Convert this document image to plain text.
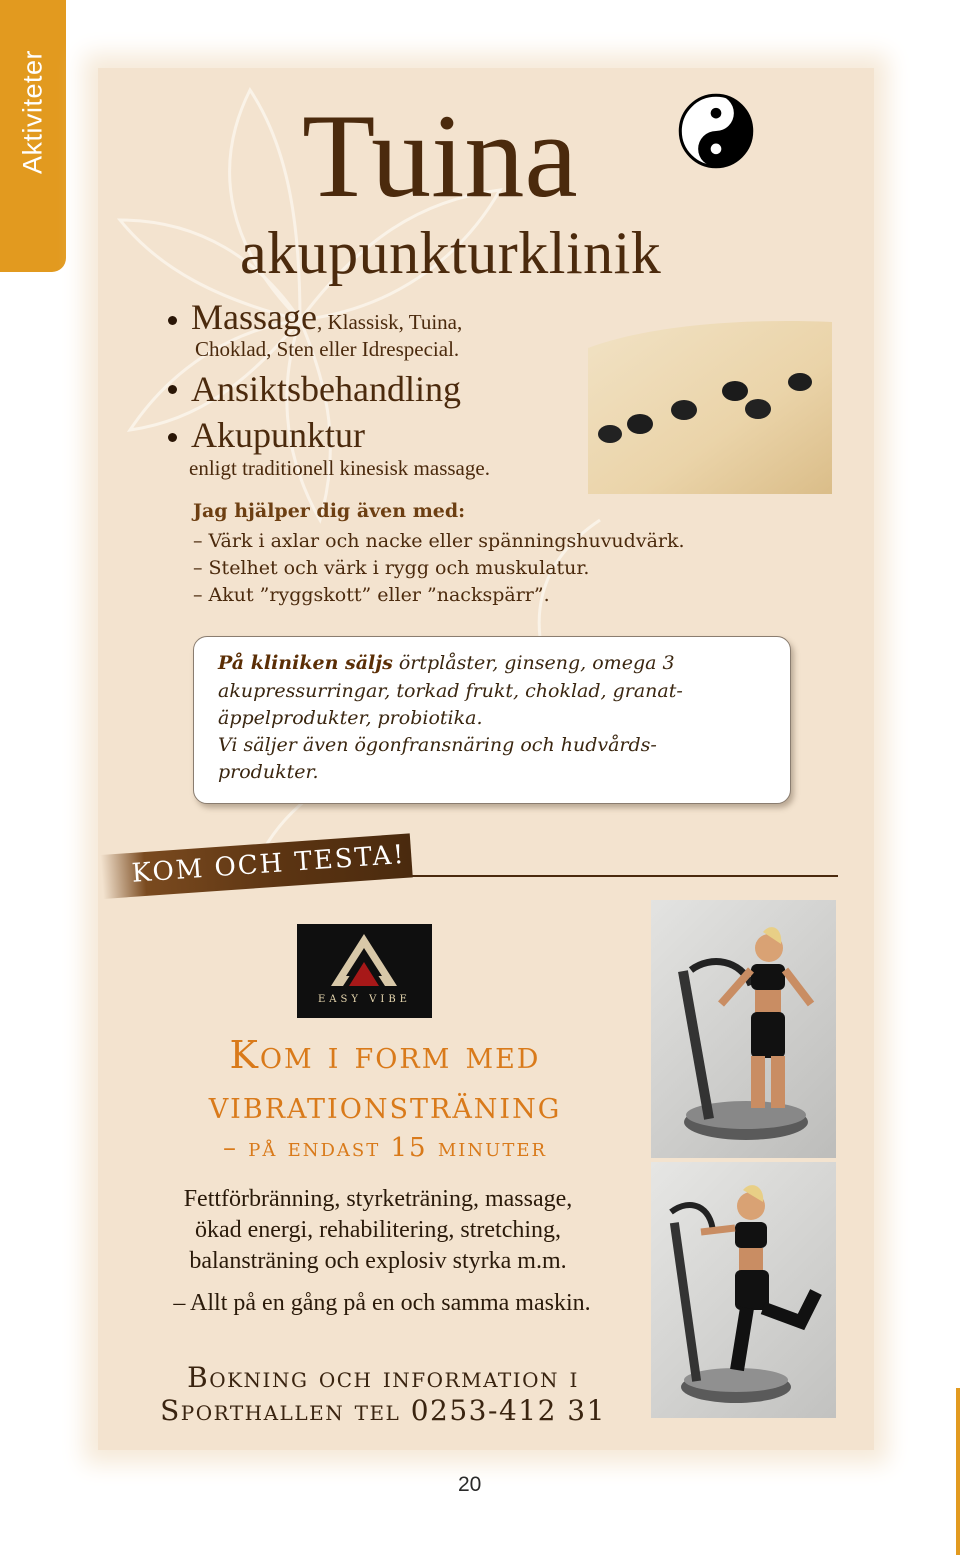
Aktiviteter Tuina
akupunkturklinik
Massage, Klassisk, Tuina,
Choklad, Sten eller Idrespecial.
Ansiktsbehandling
Akupunktur
enligt traditionell kinesisk massage.
Jag hjälper dig även med:
– Värk i axlar och nacke eller spänningshuvudvärk.
– Stelhet och värk i rygg och muskulatur.
– Akut ”ryggskott” eller ”nackspärr”.
På kliniken säljs örtplåster, ginseng, omega 3
akupressurringar, torkad frukt, choklad, granat-
äppelprodukter, probiotika.
Vi säljer även ögonfransnäring och hudvårds-
produkter.
KOM OCH TESTA!
EASY VIBE
Kom i form med
vibrationsträning
– på endast 15 minuter
Fettförbränning, styrketräning, massage,
ökad energi, rehabilitering, stretching,
balansträning och explosiv styrka m.m.
– Allt på en gång på en och samma maskin.
Bokning och information i
Sporthallen tel 0253-412 31
20
